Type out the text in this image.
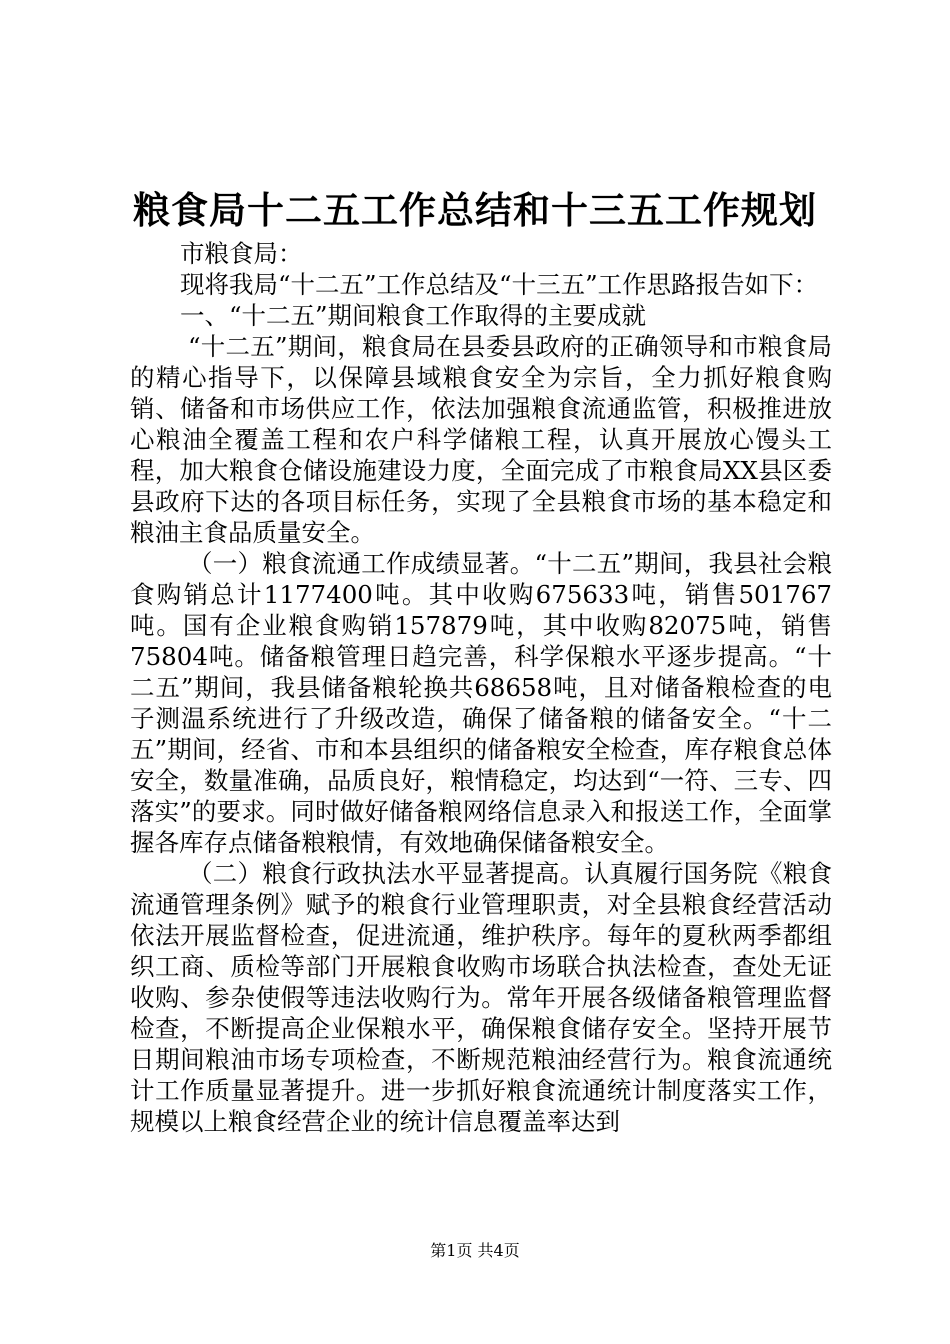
粮食局十二五工作总结和十三五工作规划

市粮食局：

现将我局“十二五”工作总结及“十三五”工作思路报告如下：

一、“十二五”期间粮食工作取得的主要成就

“十二五”期间，粮食局在县委县政府的正确领导和市粮食局的精心指导下，以保障县域粮食安全为宗旨，全力抓好粮食购销、储备和市场供应工作，依法加强粮食流通监管，积极推进放心粮油全覆盖工程和农户科学储粮工程，认真开展放心馒头工程，加大粮食仓储设施建设力度，全面完成了市粮食局XX县区委县政府下达的各项目标任务，实现了全县粮食市场的基本稳定和粮油主食品质量安全。

（一）粮食流通工作成绩显著。“十二五”期间，我县社会粮食购销总计1177400吨。其中收购675633吨，销售501767吨。国有企业粮食购销157879吨，其中收购82075吨，销售75804吨。储备粮管理日趋完善，科学保粮水平逐步提高。“十二五”期间，我县储备粮轮换共68658吨，且对储备粮检查的电子测温系统进行了升级改造，确保了储备粮的储备安全。“十二五”期间，经省、市和本县组织的储备粮安全检查，库存粮食总体安全，数量准确，品质良好，粮情稳定，均达到“一符、三专、四落实”的要求。同时做好储备粮网络信息录入和报送工作，全面掌握各库存点储备粮粮情，有效地确保储备粮安全。

（二）粮食行政执法水平显著提高。认真履行国务院《粮食流通管理条例》赋予的粮食行业管理职责，对全县粮食经营活动依法开展监督检查，促进流通，维护秩序。每年的夏秋两季都组织工商、质检等部门开展粮食收购市场联合执法检查，查处无证收购、参杂使假等违法收购行为。常年开展各级储备粮管理监督检查，不断提高企业保粮水平，确保粮食储存安全。坚持开展节日期间粮油市场专项检查，不断规范粮油经营行为。粮食流通统计工作质量显著提升。进一步抓好粮食流通统计制度落实工作，规模以上粮食经营企业的统计信息覆盖率达到

第1页 共4页
